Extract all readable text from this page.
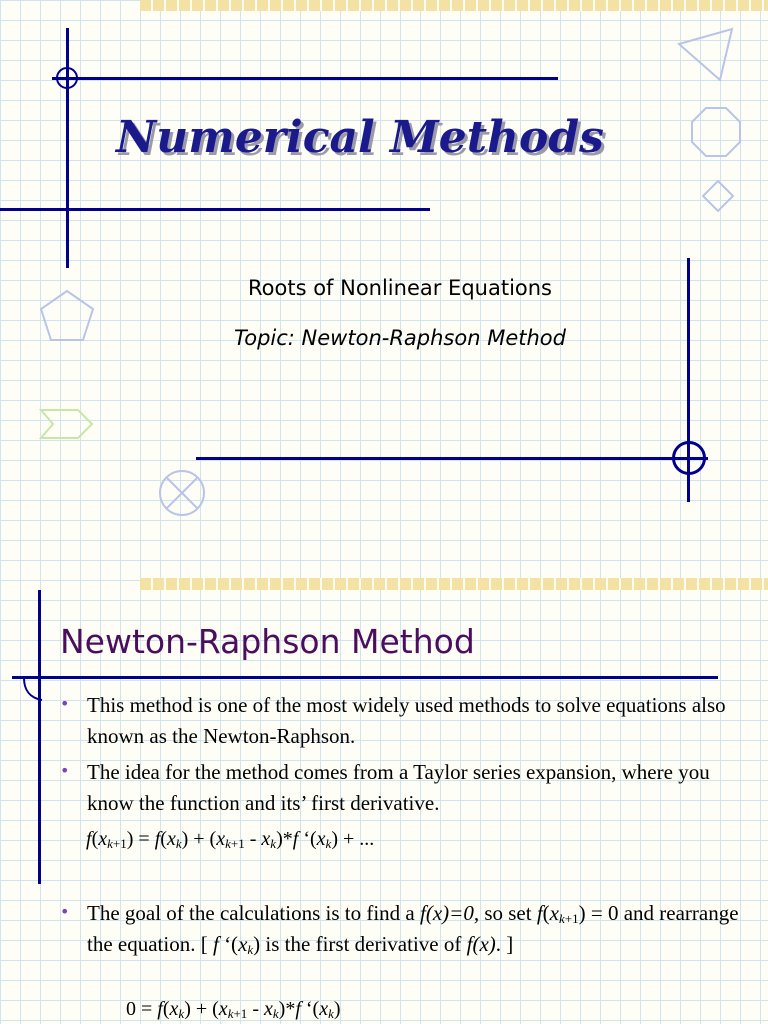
Numerical Methods
Roots of Nonlinear Equations
Topic: Newton-Raphson Method
Newton-Raphson Method
• This method is one of the most widely used methods to solve equations also known as the Newton-Raphson.
• The idea for the method comes from a Taylor series expansion, where you know the function and its’ first derivative.
$f(x_{k+1}) = f(x_k) + (x_{k+1} - x_k)*f$ ‘$(x_k)$ + ...
• The goal of the calculations is to find a f(x)=0, so set $f(x_{k+1}) = 0$ and rearrange the equation. [ f ‘$(x_k)$ is the first derivative of f(x). ]
$0 = f(x_k) + (x_{k+1} - x_k)*f$ ‘$(x_k)$
